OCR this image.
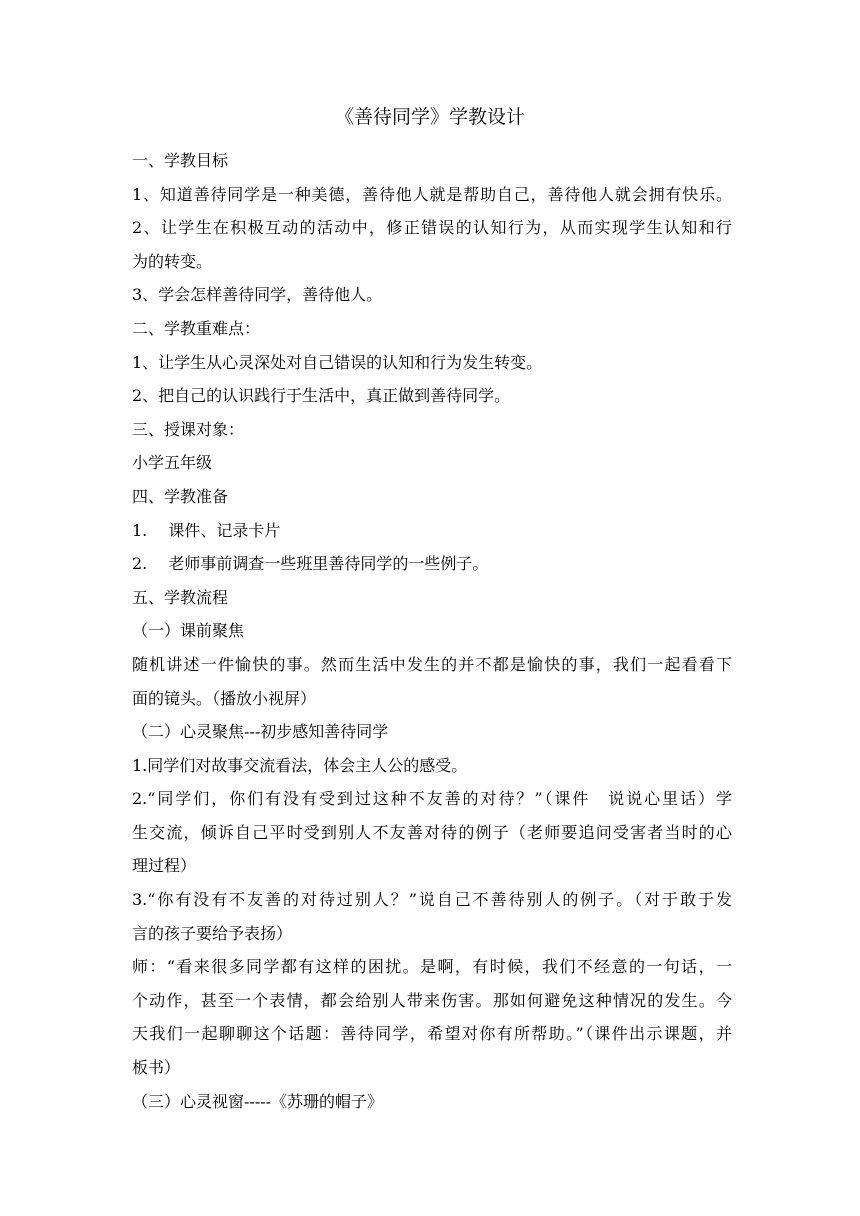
《善待同学》学教设计
一、学教目标
1、知道善待同学是一种美德，善待他人就是帮助自己，善待他人就会拥有快乐。
2、让学生在积极互动的活动中，修正错误的认知行为，从而实现学生认知和行
为的转变。
3、学会怎样善待同学，善待他人。
二、学教重难点：
1、让学生从心灵深处对自己错误的认知和行为发生转变。
2、把自己的认识践行于生活中，真正做到善待同学。
三、授课对象：
小学五年级
四、学教准备
1.　 课件、记录卡片
2.　 老师事前调查一些班里善待同学的一些例子。
五、学教流程
（一）课前聚焦
随机讲述一件愉快的事。然而生活中发生的并不都是愉快的事，我们一起看看下
面的镜头。（播放小视屏）
（二）心灵聚焦---初步感知善待同学
1.同学们对故事交流看法，体会主人公的感受。
2.“同学们，你们有没有受到过这种不友善的对待？”（课件　说说心里话）学
生交流，倾诉自己平时受到别人不友善对待的例子（老师要追问受害者当时的心
理过程）
3.“你有没有不友善的对待过别人？”说自己不善待别人的例子。（对于敢于发
言的孩子要给予表扬）
师：“看来很多同学都有这样的困扰。是啊，有时候，我们不经意的一句话，一
个动作，甚至一个表情，都会给别人带来伤害。那如何避免这种情况的发生。今
天我们一起聊聊这个话题：善待同学，希望对你有所帮助。”（课件出示课题，并
板书）
（三）心灵视窗-----《苏珊的帽子》
